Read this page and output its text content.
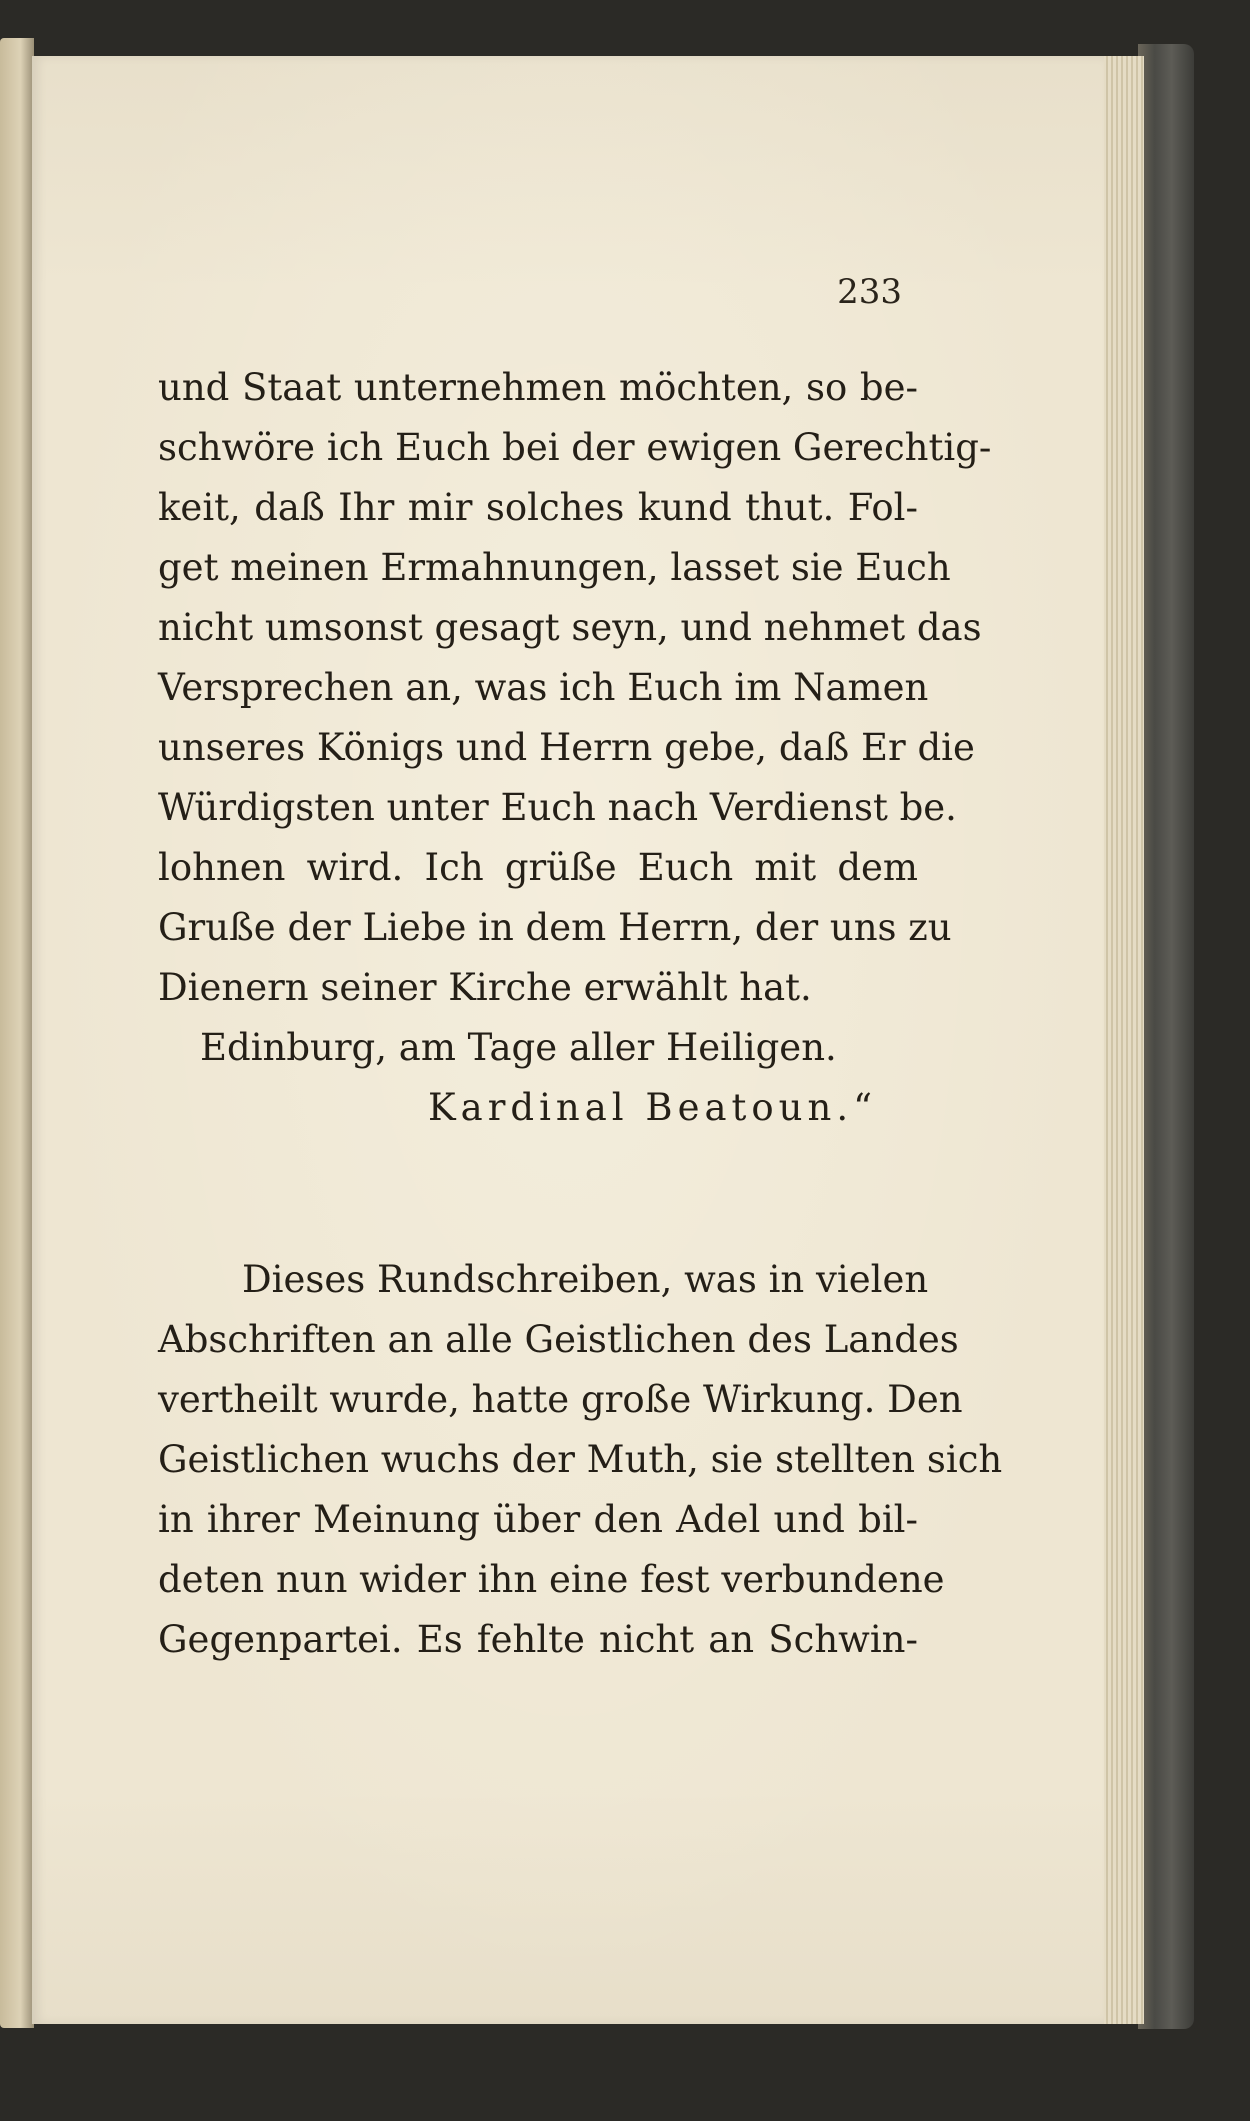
233
und Staat unternehmen möchten, so be-
schwöre ich Euch bei der ewigen Gerechtig-
keit, daß Ihr mir solches kund thut. Fol-
get meinen Ermahnungen, lasset sie Euch
nicht umsonst gesagt seyn, und nehmet das
Versprechen an, was ich Euch im Namen
unseres Königs und Herrn gebe, daß Er die
Würdigsten unter Euch nach Verdienst be.
lohnen wird. Ich grüße Euch mit dem
Gruße der Liebe in dem Herrn, der uns zu
Dienern seiner Kirche erwählt hat.
Edinburg, am Tage aller Heiligen.
Kardinal Beatoun.“
Dieses Rundschreiben, was in vielen
Abschriften an alle Geistlichen des Landes
vertheilt wurde, hatte große Wirkung. Den
Geistlichen wuchs der Muth, sie stellten sich
in ihrer Meinung über den Adel und bil-
deten nun wider ihn eine fest verbundene
Gegenpartei. Es fehlte nicht an Schwin-
